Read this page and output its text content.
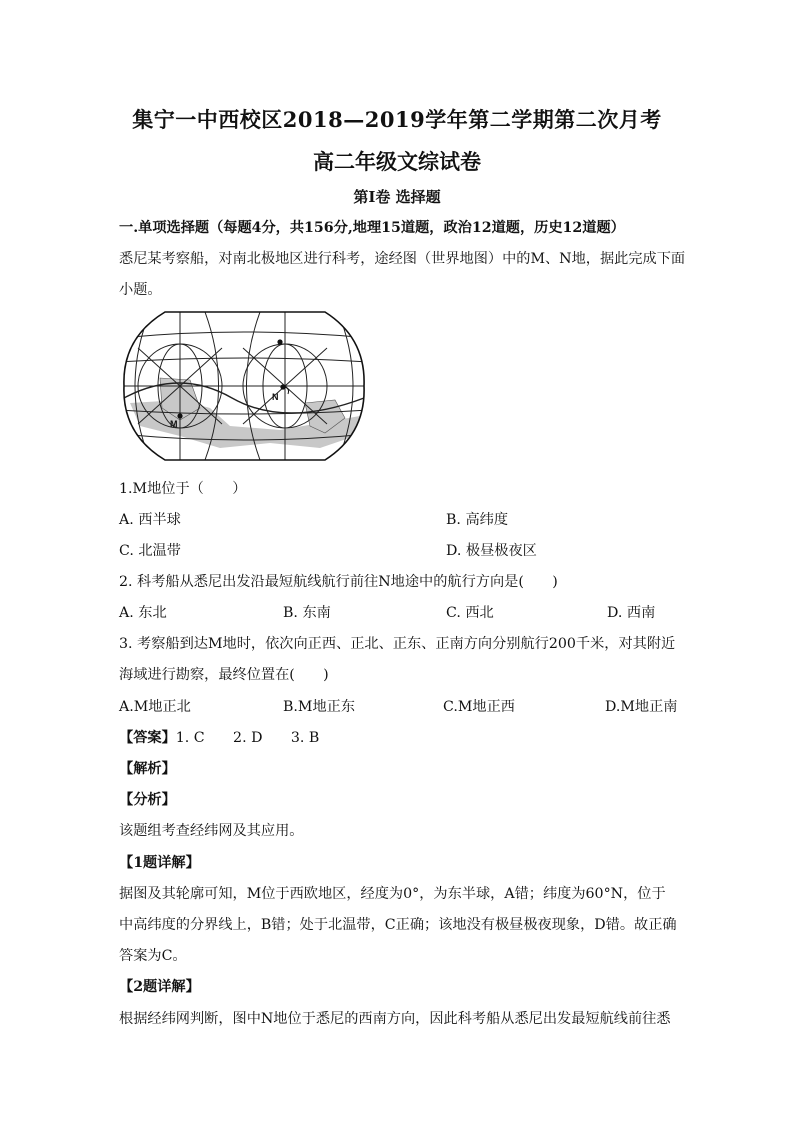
集宁一中西校区2018—2019学年第二学期第二次月考
高二年级文综试卷
第Ⅰ卷 选择题
一.单项选择题（每题4分，共156分,地理15道题，政治12道题，历史12道题）
悉尼某考察船，对南北极地区进行科考，途经图（世界地图）中的M、N地，据此完成下面
小题。
M
N
1.M地位于（　　）
A. 西半球	B. 高纬度
C. 北温带	D. 极昼极夜区
2. 科考船从悉尼出发沿最短航线航行前往N地途中的航行方向是(　　)
A. 东北	B. 东南	C. 西北	D. 西南
3. 考察船到达M地时，依次向正西、正北、正东、正南方向分别航行200千米，对其附近
海域进行勘察，最终位置在(　　)
A.M地正北	B.M地正东	C.M地正西	D.M地正南
【答案】1. C　　2. D　　3. B
【解析】
【分析】
该题组考查经纬网及其应用。
【1题详解】
据图及其轮廓可知，M位于西欧地区，经度为0°，为东半球，A错；纬度为60°N，位于
中高纬度的分界线上，B错；处于北温带，C正确；该地没有极昼极夜现象，D错。故正确
答案为C。
【2题详解】
根据经纬网判断，图中N地位于悉尼的西南方向，因此科考船从悉尼出发最短航线前往悉
